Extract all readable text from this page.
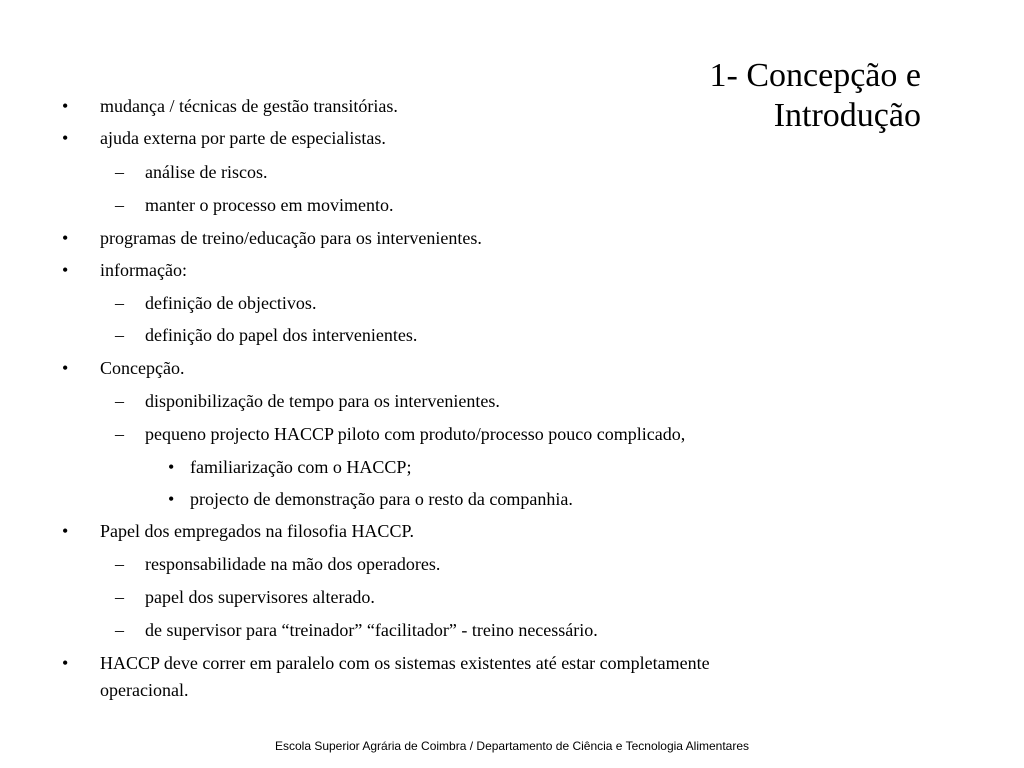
1- Concepção e
Introdução
• mudança / técnicas de gestão transitórias.
• ajuda externa por parte de especialistas.
– análise de riscos.
– manter o processo em movimento.
• programas de treino/educação para os intervenientes.
• informação:
– definição de objectivos.
– definição do papel dos intervenientes.
• Concepção.
– disponibilização de tempo para os intervenientes.
– pequeno projecto HACCP piloto com produto/processo pouco complicado,
• familiarização com o HACCP;
• projecto de demonstração para o resto da companhia.
• Papel dos empregados na filosofia HACCP.
– responsabilidade na mão dos operadores.
– papel dos supervisores alterado.
– de supervisor para “treinador” “facilitador” - treino necessário.
• HACCP deve correr em paralelo com os sistemas existentes até estar completamente
operacional.
Escola Superior Agrária de Coimbra / Departamento de Ciência e Tecnologia Alimentares
